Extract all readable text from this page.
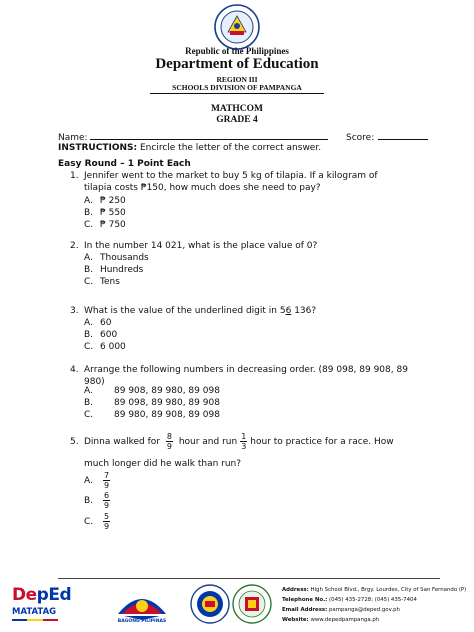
Republic of the Philippines
Department of Education
REGION III
SCHOOLS DIVISION OF PAMPANGA
MATHCOM
GRADE 4
Name:	Score:
INSTRUCTIONS: Encircle the letter of the correct answer.
Easy Round – 1 Point Each
1. Jennifer went to the market to buy 5 kg of tilapia. If a kilogram of
tilapia costs ₱150, how much does she need to pay?
A. ₱ 250
B. ₱ 550
C. ₱ 750
2. In the number 14 021, what is the place value of 0?
A. Thousands
B. Hundreds
C. Tens
3. What is the value of the underlined digit in 56 136?
A. 60
B. 600
C. 6 000
4. Arrange the following numbers in decreasing order. (89 098, 89 908, 89
980)
A. 89 908, 89 980, 89 098
B. 89 098, 89 980, 89 908
C. 89 980, 89 908, 89 098
5. Dinna walked for $\frac{8}{9}$ hour and run $\frac{1}{3}$ hour to practice for a race. How
much longer did he walk than run?
A. $\frac{7}{9}$
B. $\frac{6}{9}$
C. $\frac{5}{9}$
DepEd
MATATAG
BAGONG PILIPINAS
Address: High School Blvd., Brgy. Lourdes, City of San Fernando (P)
Telephone No.: (045) 435-2728; (045) 435-7404
Email Address: pampanga@deped.gov.ph
Website: www.depedpampanga.ph
